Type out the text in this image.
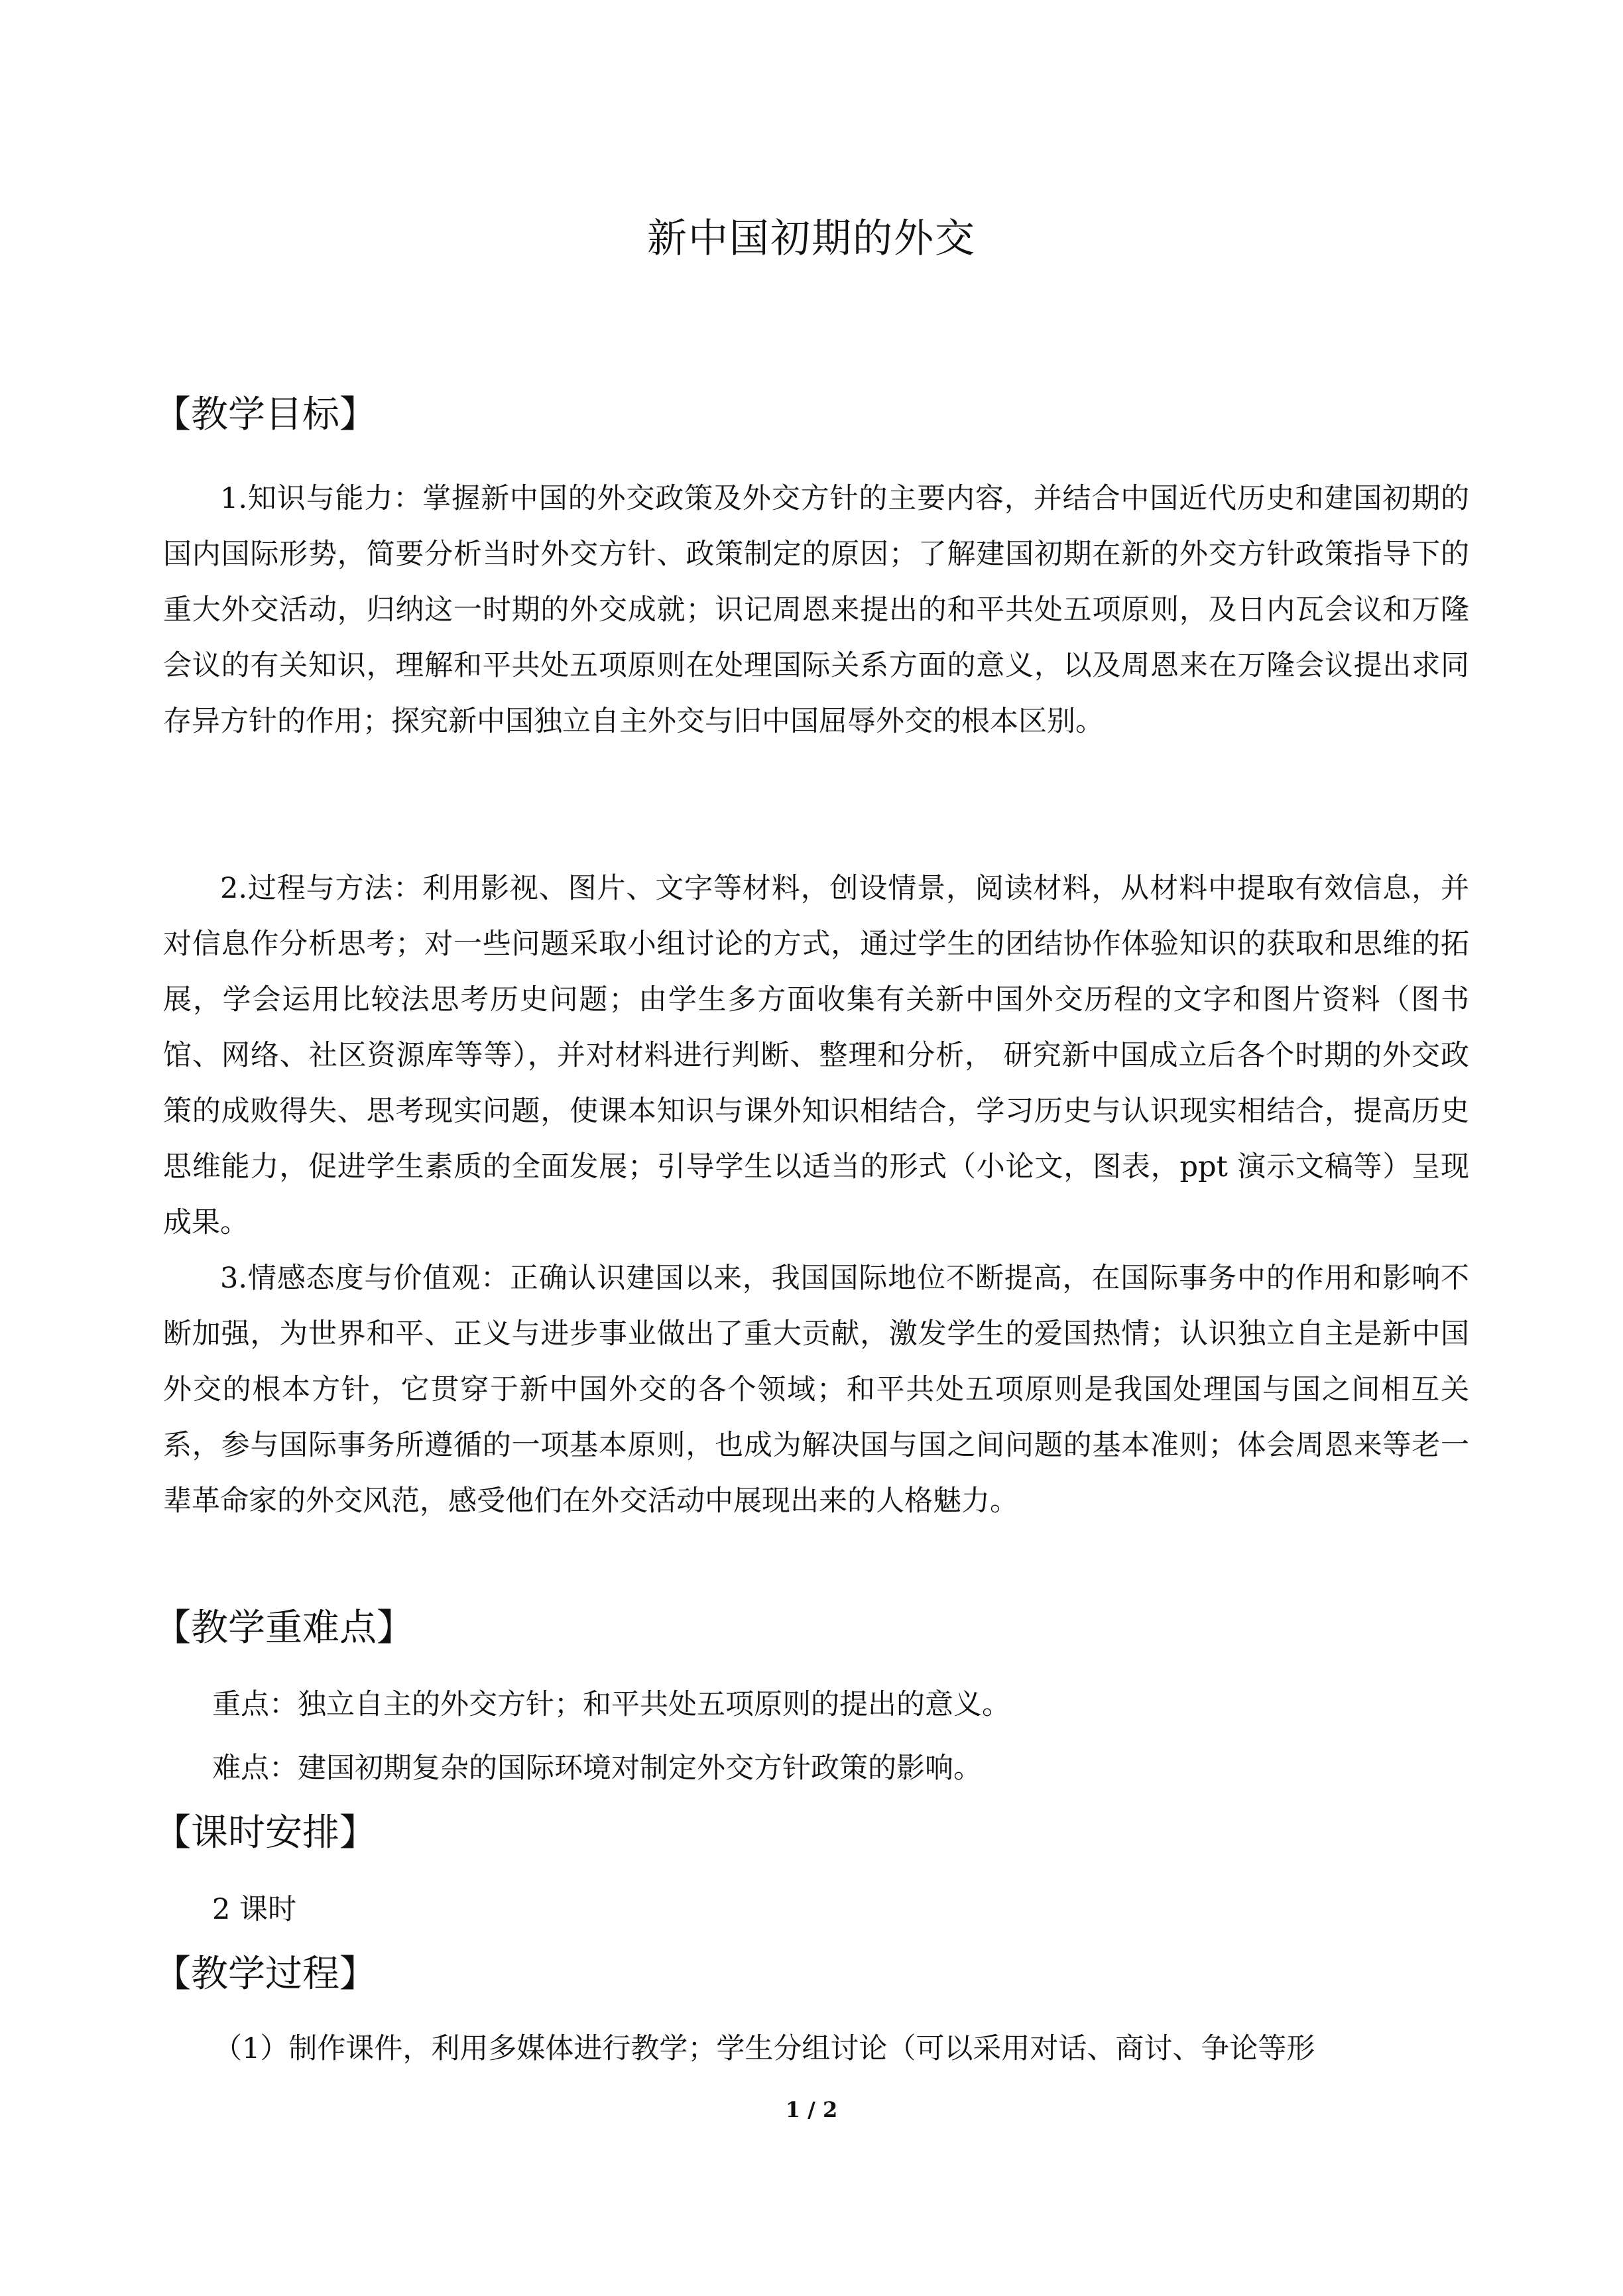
新中国初期的外交
【教学目标】
1.知识与能力：掌握新中国的外交政策及外交方针的主要内容，并结合中国近代历史和建国初期的国内国际形势，简要分析当时外交方针、政策制定的原因；了解建国初期在新的外交方针政策指导下的重大外交活动，归纳这一时期的外交成就；识记周恩来提出的和平共处五项原则，及日内瓦会议和万隆会议的有关知识，理解和平共处五项原则在处理国际关系方面的意义，以及周恩来在万隆会议提出求同存异方针的作用；探究新中国独立自主外交与旧中国屈辱外交的根本区别。
2.过程与方法：利用影视、图片、文字等材料，创设情景，阅读材料，从材料中提取有效信息，并对信息作分析思考；对一些问题采取小组讨论的方式，通过学生的团结协作体验知识的获取和思维的拓展，学会运用比较法思考历史问题；由学生多方面收集有关新中国外交历程的文字和图片资料（图书馆、网络、社区资源库等等），并对材料进行判断、整理和分析， 研究新中国成立后各个时期的外交政策的成败得失、思考现实问题，使课本知识与课外知识相结合，学习历史与认识现实相结合，提高历史思维能力，促进学生素质的全面发展；引导学生以适当的形式（小论文，图表，ppt 演示文稿等）呈现成果。
3.情感态度与价值观：正确认识建国以来，我国国际地位不断提高，在国际事务中的作用和影响不断加强，为世界和平、正义与进步事业做出了重大贡献，激发学生的爱国热情；认识独立自主是新中国外交的根本方针，它贯穿于新中国外交的各个领域；和平共处五项原则是我国处理国与国之间相互关系，参与国际事务所遵循的一项基本原则，也成为解决国与国之间问题的基本准则；体会周恩来等老一辈革命家的外交风范，感受他们在外交活动中展现出来的人格魅力。
【教学重难点】
重点：独立自主的外交方针；和平共处五项原则的提出的意义。
难点：建国初期复杂的国际环境对制定外交方针政策的影响。
【课时安排】
2 课时
【教学过程】
（1）制作课件，利用多媒体进行教学；学生分组讨论（可以采用对话、商讨、争论等形
1 / 2
